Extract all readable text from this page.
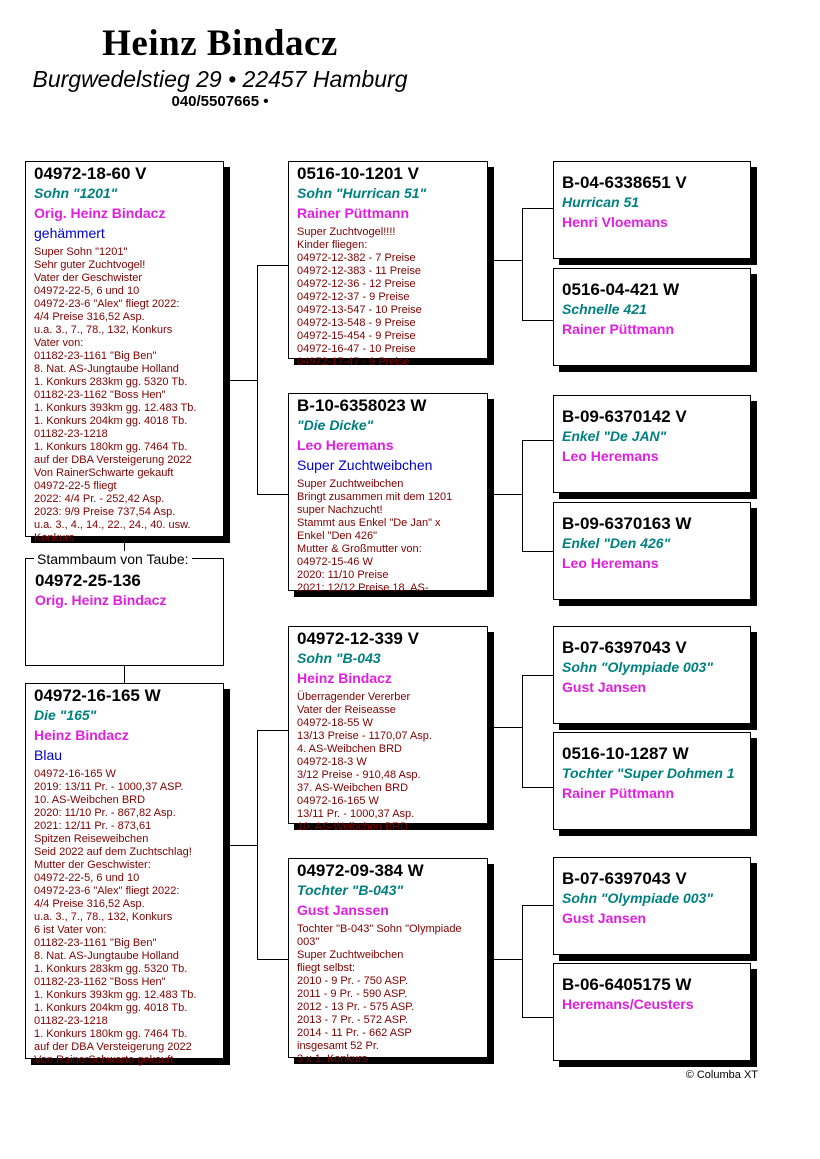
Heinz Bindacz
Burgwedelstieg 29 • 22457 Hamburg
040/5507665 •
04972-18-60 V
Sohn "1201"
Orig. Heinz Bindacz
gehämmert
Super Sohn "1201"
Sehr guter Zuchtvogel!
Vater der Geschwister
04972-22-5, 6 und 10
04972-23-6 "Alex" fliegt 2022:
4/4 Preise 316,52 Asp.
u.a. 3., 7., 78., 132, Konkurs
Vater von:
01182-23-1161 "Big Ben"
8. Nat. AS-Jungtaube Holland
1. Konkurs 283km gg. 5320 Tb.
01182-23-1162 "Boss Hen"
1. Konkurs 393km gg. 12.483 Tb.
1. Konkurs 204km gg. 4018 Tb.
01182-23-1218
1. Konkurs 180km gg. 7464 Tb.
auf der DBA Versteigerung 2022
Von RainerSchwarte gekauft
04972-22-5 fliegt
2022: 4/4 Pr. - 252,42 Asp.
2023: 9/9 Preise 737,54 Asp.
u.a. 3., 4., 14., 22., 24., 40. usw.
Konkurs
04972-25-136
Orig. Heinz Bindacz
Stammbaum von Taube:
04972-16-165 W
Die "165"
Heinz Bindacz
Blau
04972-16-165 W
2019: 13/11 Pr. - 1000,37 ASP.
10. AS-Weibchen BRD
2020: 11/10 Pr. - 867,82 Asp.
2021: 12/11 Pr. - 873,61
Spitzen Reiseweibchen
Seid 2022 auf dem Zuchtschlag!
Mutter der Geschwister:
04972-22-5, 6 und 10
04972-23-6 "Alex" fliegt 2022:
4/4 Preise 316,52 Asp.
u.a. 3., 7., 78., 132, Konkurs
6 ist Vater von:
01182-23-1161 "Big Ben"
8. Nat. AS-Jungtaube Holland
1. Konkurs 283km gg. 5320 Tb.
01182-23-1162 "Boss Hen"
1. Konkurs 393km gg. 12.483 Tb.
1. Konkurs 204km gg. 4018 Tb.
01182-23-1218
1. Konkurs 180km gg. 7464 Tb.
auf der DBA Versteigerung 2022
Von RainerSchwarte gekauft
0516-10-1201 V
Sohn "Hurrican 51"
Rainer Püttmann
Super Zuchtvogel!!!!
Kinder fliegen:
04972-12-382 - 7 Preise
04972-12-383 - 11 Preise
04972-12-36 - 12 Preise
04972-12-37 - 9 Preise
04972-13-547 - 10 Preise
04972-13-548 - 9 Preise
04972-15-454 - 9 Preise
04972-16-47 - 10 Preise
04972-17-47 - 9 Preise
B-10-6358023 W
"Die Dicke"
Leo Heremans
Super Zuchtweibchen
Super Zuchtweibchen
Bringt zusammen mit dem 1201
super Nachzucht!
Stammt aus Enkel "De Jan" x
Enkel "Den 426"
Mutter & Großmutter von:
04972-15-46 W
2020: 11/10 Preise
2021: 12/12 Preise 18. AS-
04972-12-339 V
Sohn "B-043
Heinz Bindacz
Überragender Vererber
Vater der Reiseasse
04972-18-55 W
13/13 Preise - 1170,07 Asp.
4. AS-Weibchen BRD
04972-18-3 W
3/12 Preise - 910,48 Asp.
37. AS-Weibchen BRD
04972-16-165 W
13/11 Pr. - 1000,37 Asp.
10. AS-Weibchen BRD
04972-09-384 W
Tochter "B-043"
Gust Janssen
Tochter "B-043" Sohn "Olympiade
003"
Super Zuchtweibchen
fliegt selbst:
2010 - 9 Pr. - 750 ASP.
2011 - 9 Pr. - 590 ASP.
2012 - 13 Pr. - 575 ASP.
2013 - 7 Pr. - 572 ASP.
2014 - 11 Pr. - 662 ASP
insgesamt 52 Pr.
3 x 1. Konkurs
B-04-6338651 V
Hurrican 51
Henri Vloemans
0516-04-421 W
Schnelle 421
Rainer Püttmann
B-09-6370142 V
Enkel "De JAN"
Leo Heremans
B-09-6370163 W
Enkel "Den 426"
Leo Heremans
B-07-6397043 V
Sohn "Olympiade 003"
Gust Jansen
0516-10-1287 W
Tochter "Super Dohmen 1
Rainer Püttmann
B-07-6397043 V
Sohn "Olympiade 003"
Gust Jansen
B-06-6405175 W
Heremans/Ceusters
© Columba XT
